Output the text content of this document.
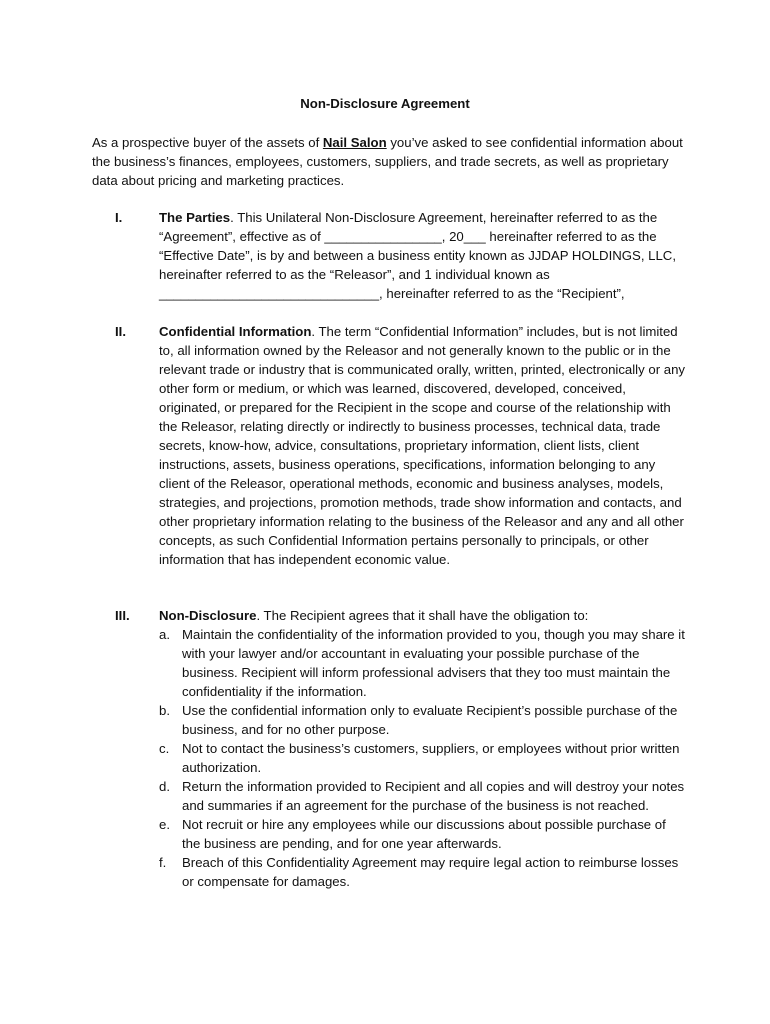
Non-Disclosure Agreement
As a prospective buyer of the assets of Nail Salon you’ve asked to see confidential information about the business’s finances, employees, customers, suppliers, and trade secrets, as well as proprietary data about pricing and marketing practices.
I.	The Parties. This Unilateral Non-Disclosure Agreement, hereinafter referred to as the “Agreement”, effective as of ________________, 20___ hereinafter referred to as the “Effective Date”, is by and between a business entity known as JJDAP HOLDINGS, LLC, hereinafter referred to as the “Releasor”, and 1 individual known as ______________________________, hereinafter referred to as the “Recipient”,
II.	Confidential Information. The term “Confidential Information” includes, but is not limited to, all information owned by the Releasor and not generally known to the public or in the relevant trade or industry that is communicated orally, written, printed, electronically or any other form or medium, or which was learned, discovered, developed, conceived, originated, or prepared for the Recipient in the scope and course of the relationship with the Releasor, relating directly or indirectly to business processes, technical data, trade secrets, know-how, advice, consultations, proprietary information, client lists, client instructions, assets, business operations, specifications, information belonging to any client of the Releasor, operational methods, economic and business analyses, models, strategies, and projections, promotion methods, trade show information and contacts, and other proprietary information relating to the business of the Releasor and any and all other concepts, as such Confidential Information pertains personally to principals, or other information that has independent economic value.
III. Non-Disclosure. The Recipient agrees that it shall have the obligation to:
a. Maintain the confidentiality of the information provided to you, though you may share it with your lawyer and/or accountant in evaluating your possible purchase of the business. Recipient will inform professional advisers that they too must maintain the confidentiality if the information.
b. Use the confidential information only to evaluate Recipient’s possible purchase of the business, and for no other purpose.
c. Not to contact the business’s customers, suppliers, or employees without prior written authorization.
d. Return the information provided to Recipient and all copies and will destroy your notes and summaries if an agreement for the purchase of the business is not reached.
e. Not recruit or hire any employees while our discussions about possible purchase of the business are pending, and for one year afterwards.
f. Breach of this Confidentiality Agreement may require legal action to reimburse losses or compensate for damages.
